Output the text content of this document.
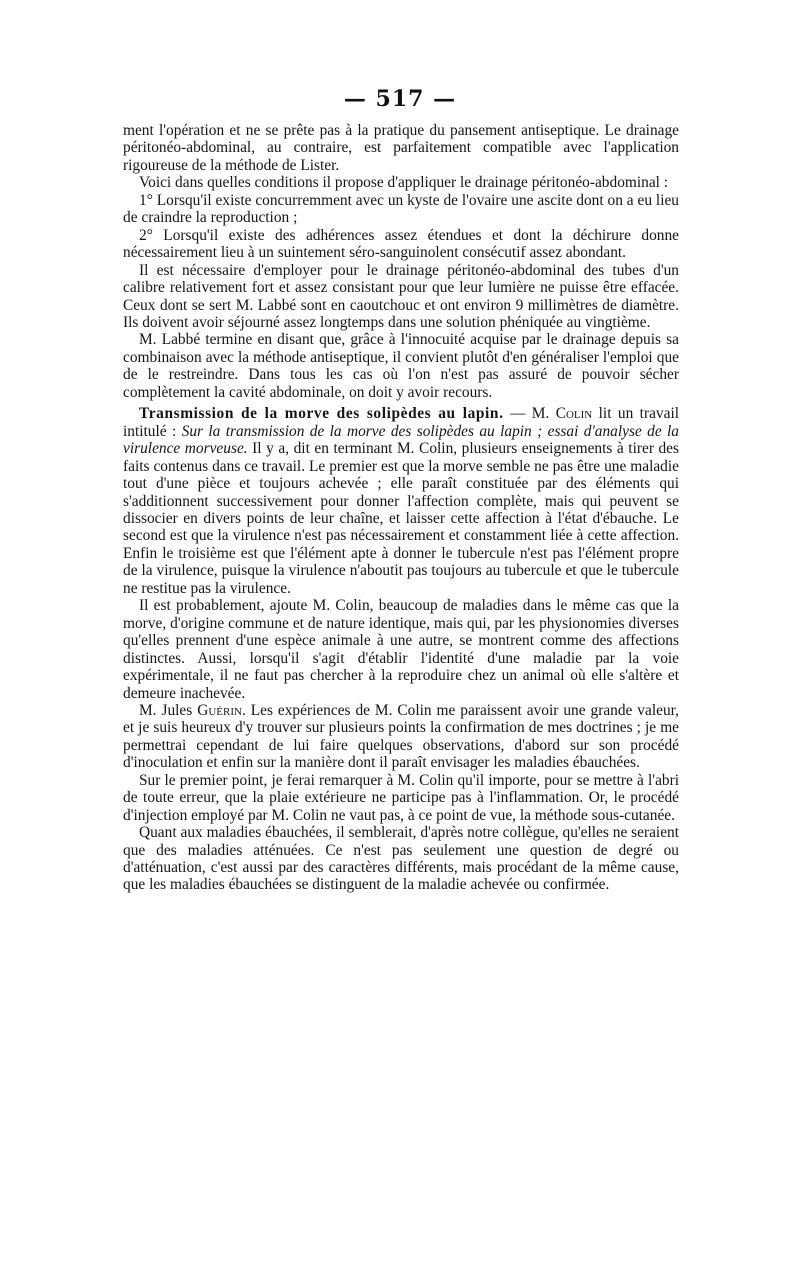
— 517 —

ment l'opération et ne se prête pas à la pratique du pansement antiseptique. Le drainage péritonéo-abdominal, au contraire, est parfaitement compatible avec l'application rigoureuse de la méthode de Lister.

Voici dans quelles conditions il propose d'appliquer le drainage péritonéo-abdominal :

1° Lorsqu'il existe concurremment avec un kyste de l'ovaire une ascite dont on a eu lieu de craindre la reproduction ;

2° Lorsqu'il existe des adhérences assez étendues et dont la déchirure donne nécessairement lieu à un suintement séro-sanguinolent consécutif assez abondant.

Il est nécessaire d'employer pour le drainage péritonéo-abdominal des tubes d'un calibre relativement fort et assez consistant pour que leur lumière ne puisse être effacée. Ceux dont se sert M. Labbé sont en caoutchouc et ont environ 9 millimètres de diamètre. Ils doivent avoir séjourné assez longtemps dans une solution phéniquée au vingtième.

M. Labbé termine en disant que, grâce à l'innocuité acquise par le drainage depuis sa combinaison avec la méthode antiseptique, il convient plutôt d'en généraliser l'emploi que de le restreindre. Dans tous les cas où l'on n'est pas assuré de pouvoir sécher complètement la cavité abdominale, on doit y avoir recours.

Transmission de la morve des solipèdes au lapin. — M. Colin lit un travail intitulé : Sur la transmission de la morve des solipèdes au lapin ; essai d'analyse de la virulence morveuse. Il y a, dit en terminant M. Colin, plusieurs enseignements à tirer des faits contenus dans ce travail. Le premier est que la morve semble ne pas être une maladie tout d'une pièce et toujours achevée ; elle paraît constituée par des éléments qui s'additionnent successivement pour donner l'affection complète, mais qui peuvent se dissocier en divers points de leur chaîne, et laisser cette affection à l'état d'ébauche. Le second est que la virulence n'est pas nécessairement et constamment liée à cette affection. Enfin le troisième est que l'élément apte à donner le tubercule n'est pas l'élément propre de la virulence, puisque la virulence n'aboutit pas toujours au tubercule et que le tubercule ne restitue pas la virulence.

Il est probablement, ajoute M. Colin, beaucoup de maladies dans le même cas que la morve, d'origine commune et de nature identique, mais qui, par les physionomies diverses qu'elles prennent d'une espèce animale à une autre, se montrent comme des affections distinctes. Aussi, lorsqu'il s'agit d'établir l'identité d'une maladie par la voie expérimentale, il ne faut pas chercher à la reproduire chez un animal où elle s'altère et demeure inachevée.

M. Jules Guérin. Les expériences de M. Colin me paraissent avoir une grande valeur, et je suis heureux d'y trouver sur plusieurs points la confirmation de mes doctrines ; je me permettrai cependant de lui faire quelques observations, d'abord sur son procédé d'inoculation et enfin sur la manière dont il paraît envisager les maladies ébauchées.

Sur le premier point, je ferai remarquer à M. Colin qu'il importe, pour se mettre à l'abri de toute erreur, que la plaie extérieure ne participe pas à l'inflammation. Or, le procédé d'injection employé par M. Colin ne vaut pas, à ce point de vue, la méthode sous-cutanée.

Quant aux maladies ébauchées, il semblerait, d'après notre collègue, qu'elles ne seraient que des maladies atténuées. Ce n'est pas seulement une question de degré ou d'atténuation, c'est aussi par des caractères différents, mais procédant de la même cause, que les maladies ébauchées se distinguent de la maladie achevée ou confirmée.
